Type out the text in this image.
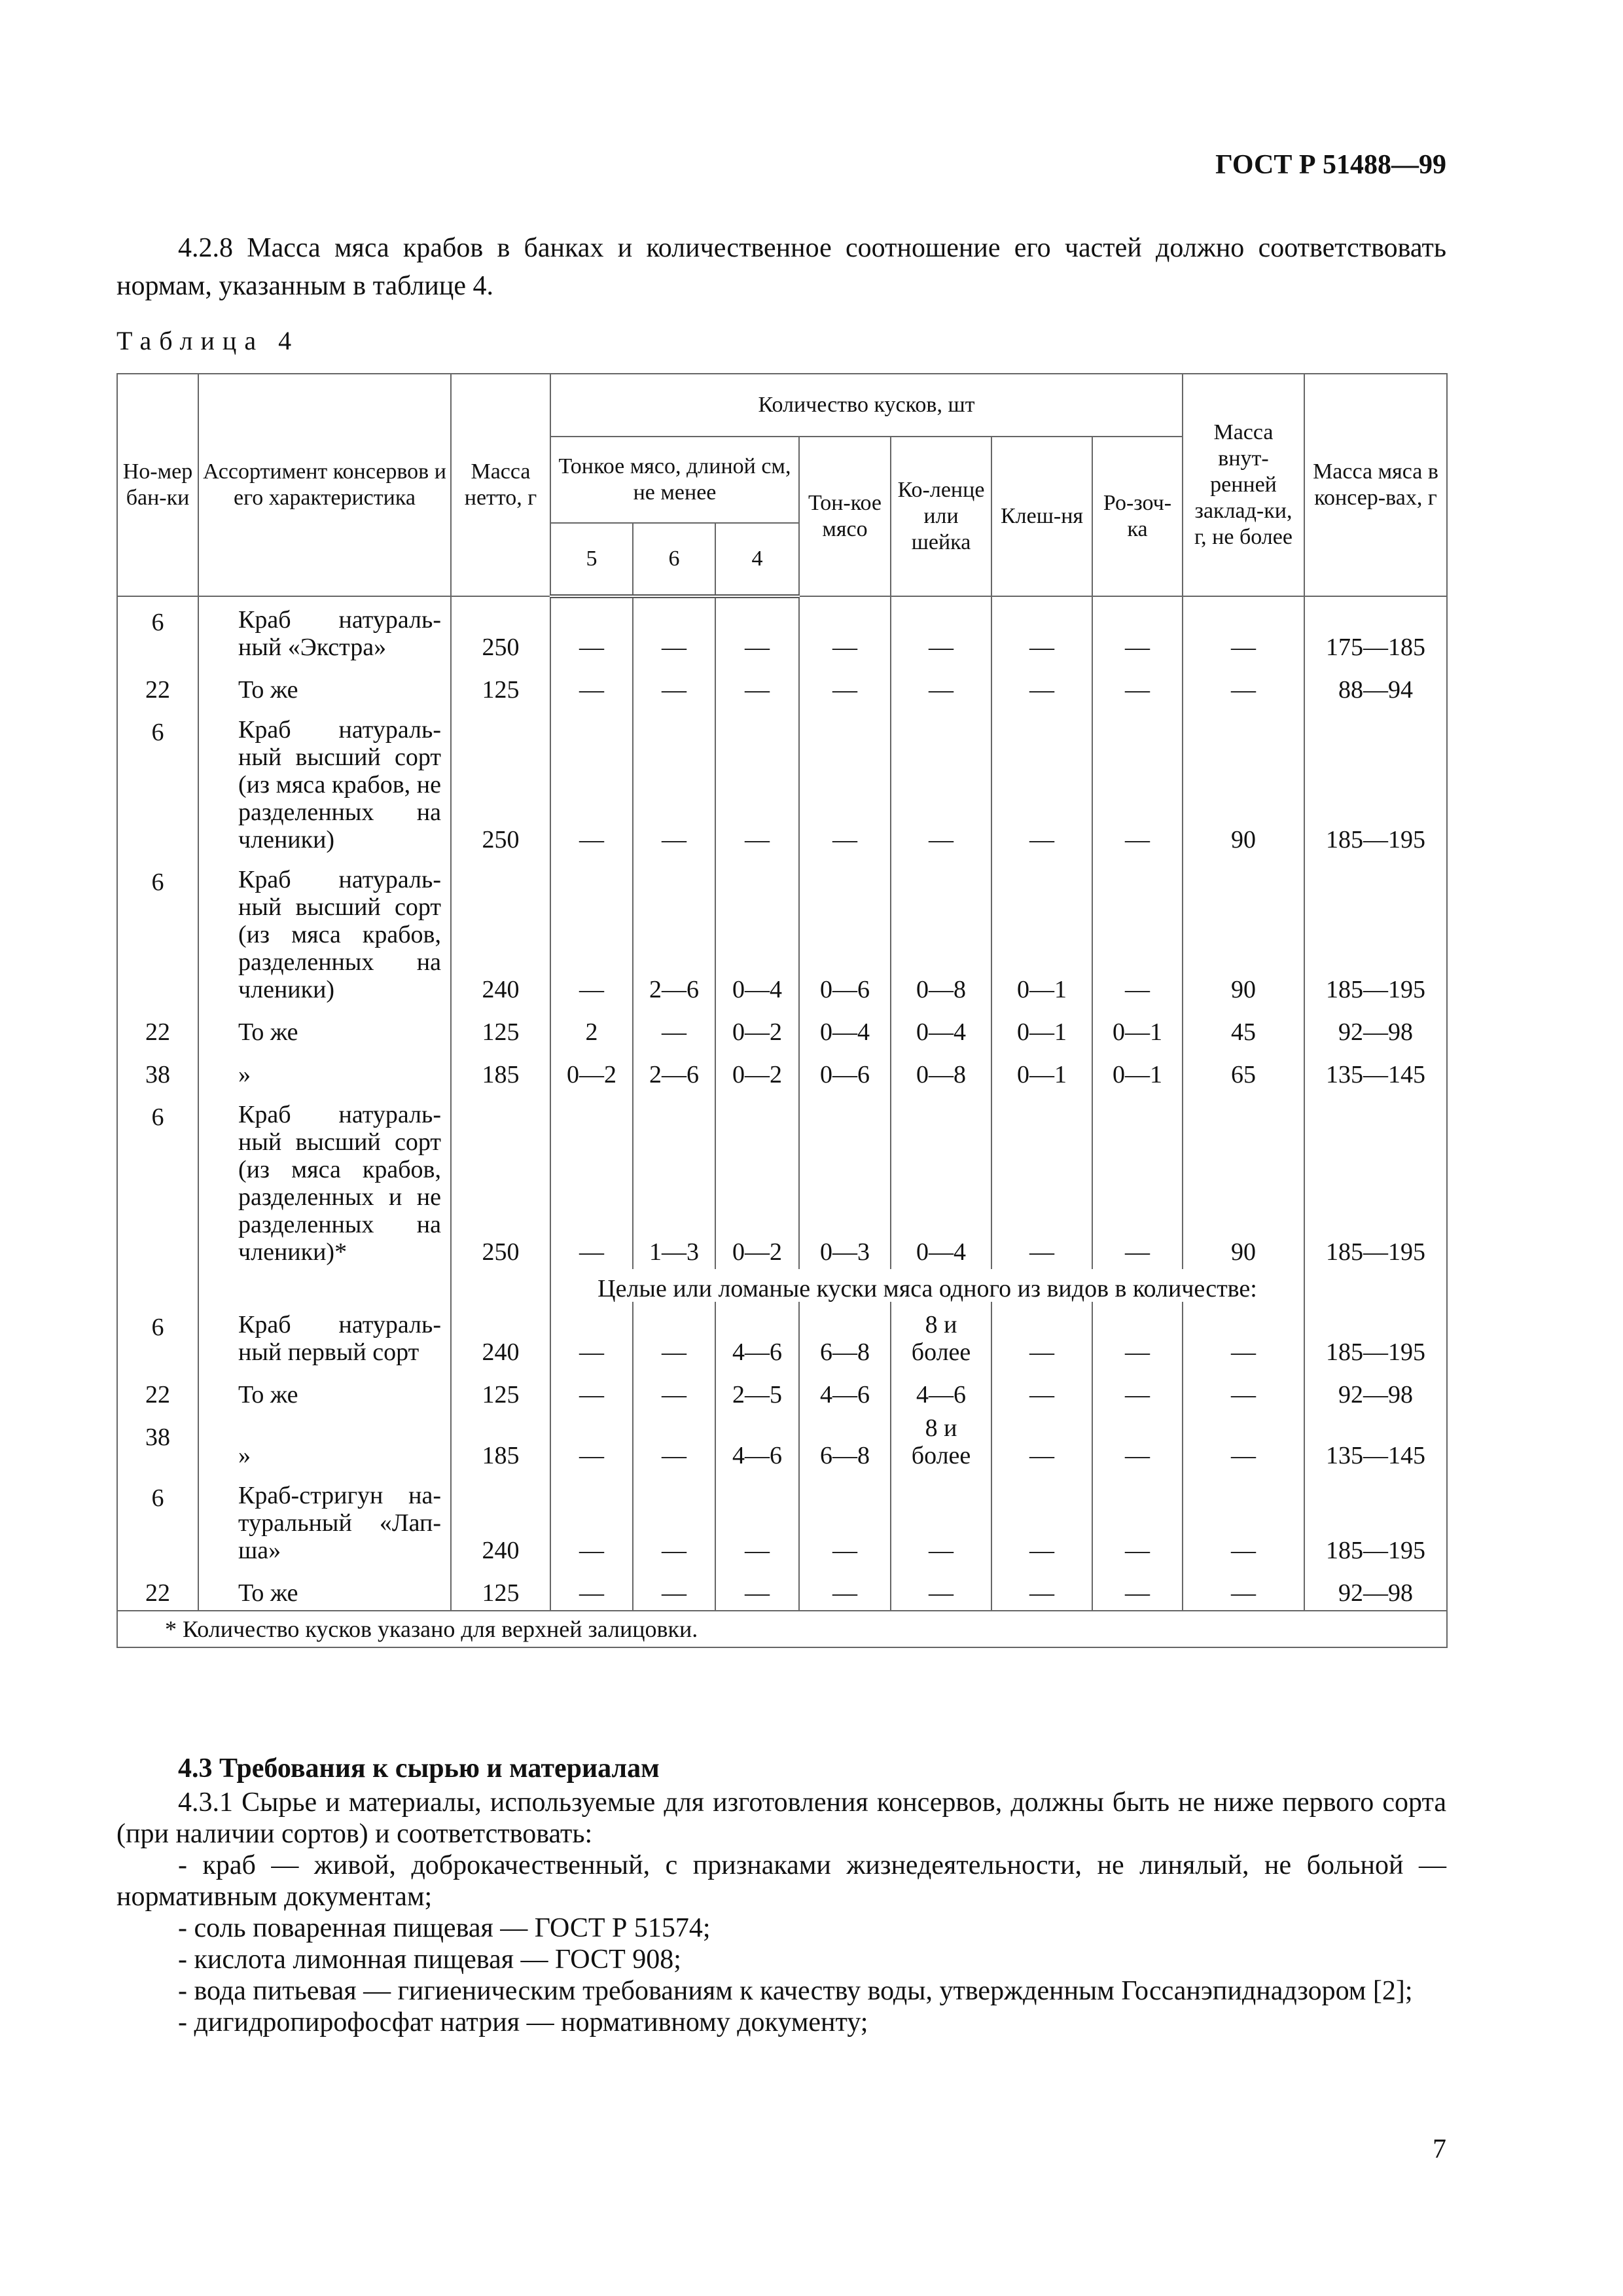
ГОСТ Р 51488—99

4.2.8 Масса мяса крабов в банках и количественное соотношение его частей должно соответствовать нормам, указанным в таблице 4.

Таблица 4
Но-мер бан-ки	Ассортимент консервов и его характеристика	Масса нетто, г	Количество кусков, шт							Масса внут-ренней заклад-ки, г, не более	Масса мяса в консер-вах, г
			Тонкое мясо, длиной см, не менее			Тон-кое мясо	Ко-ленце или шейка	Клеш-ня	Ро-зоч-ка		
			5	6	4						
6	Краб натураль-ный «Экстра»	250	—	—	—	—	—	—	—	—	175—185
22	То же	125	—	—	—	—	—	—	—	—	88—94
6	Краб натураль-ный высший сорт (из мяса крабов, не разделенных на членики)	250	—	—	—	—	—	—	—	90	185—195
6	Краб натураль-ный высший сорт (из мяса крабов, разделенных на членики)	240	—	2—6	0—4	0—6	0—8	0—1	—	90	185—195
22	То же	125	2	—	0—2	0—4	0—4	0—1	0—1	45	92—98
38	»	185	0—2	2—6	0—2	0—6	0—8	0—1	0—1	65	135—145
6	Краб натураль-ный высший сорт (из мяса крабов, разделенных и не разделенных на членики)*	250	—	1—3	0—2	0—3	0—4	—	—	90	185—195
			Целые или ломаные куски мяса одного из видов в количестве:								
6	Краб натураль-ный первый сорт	240	—	—	4—6	6—8	8 и более	—	—	—	185—195
22	То же	125	—	—	2—5	4—6	4—6	—	—	—	92—98
38	»	185	—	—	4—6	6—8	8 и более	—	—	—	135—145
6	Краб-стригун на-туральный «Лап-ша»	240	—	—	—	—	—	—	—	—	185—195
22	То же	125	—	—	—	—	—	—	—	—	92—98
* Количество кусков указано для верхней залицовки.											
4.3 Требования к сырью и материалам

4.3.1 Сырье и материалы, используемые для изготовления консервов, должны быть не ниже первого сорта (при наличии сортов) и соответствовать:

- краб — живой, доброкачественный, с признаками жизнедеятельности, не линялый, не больной — нормативным документам;

- соль поваренная пищевая — ГОСТ Р 51574;

- кислота лимонная пищевая — ГОСТ 908;

- вода питьевая — гигиеническим требованиям к качеству воды, утвержденным Госсанэпиднадзором [2];

- дигидропирофосфат натрия — нормативному документу;

7
